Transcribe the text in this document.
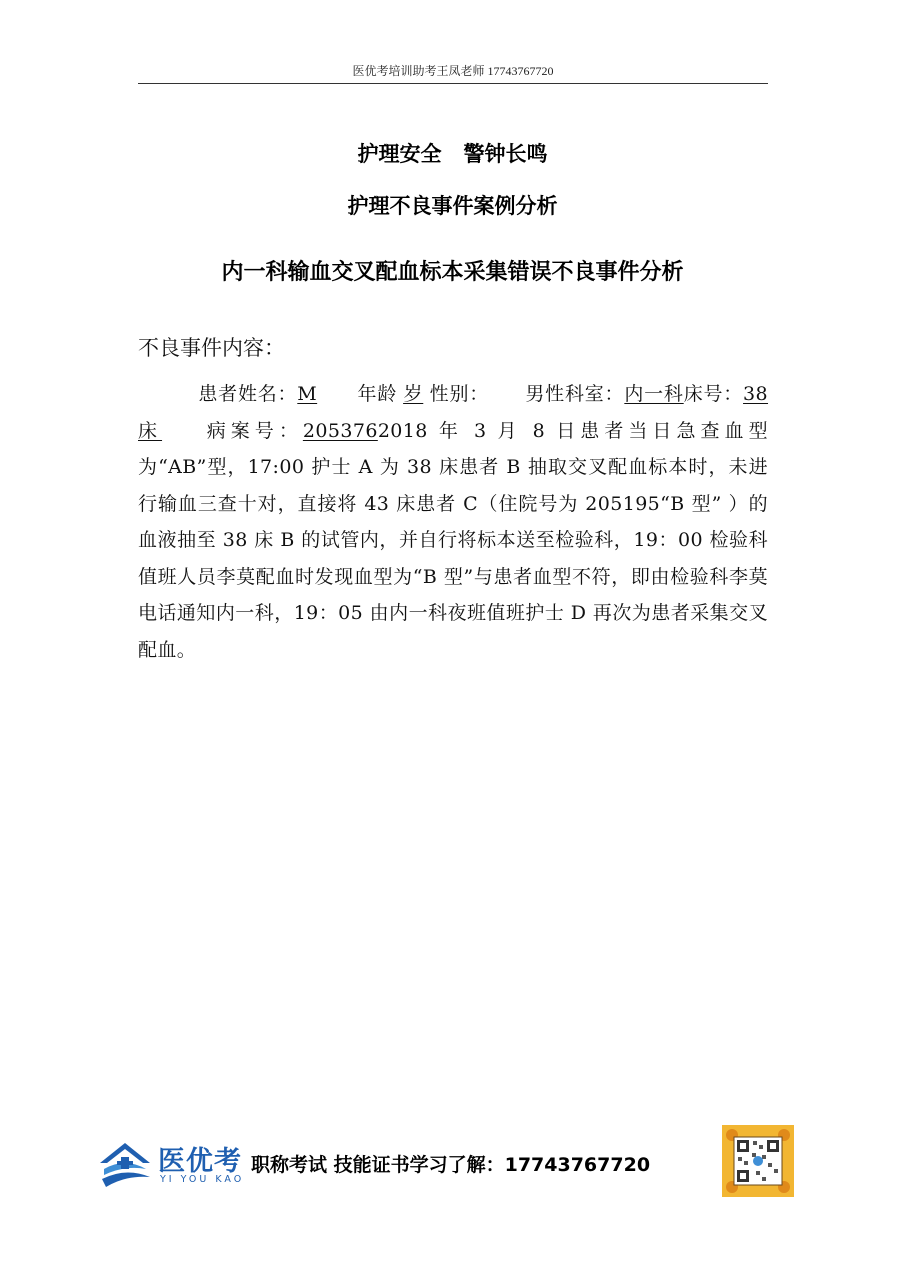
医优考培训助考王凤老师 17743767720
护理安全 警钟长鸣
护理不良事件案例分析
内一科输血交叉配血标本采集错误不良事件分析
不良事件内容：
患者姓名：M 年龄 岁 性别： 男性科室：内一科床号：38 床 病案号：2053762018 年 3 月 8 日患者当日急查血型为“AB”型，17:00 护士 A 为 38 床患者 B 抽取交叉配血标本时，未进行输血三查十对，直接将 43 床患者 C（住院号为 205195“B 型” ）的血液抽至 38 床 B 的试管内，并自行将标本送至检验科，19：00 检验科值班人员李莫配血时发现血型为“B 型”与患者血型不符，即由检验科李莫电话通知内一科，19：05 由内一科夜班值班护士 D 再次为患者采集交叉配血。
医优考
YI YOU KAO
职称考试 技能证书学习了解：17743767720
